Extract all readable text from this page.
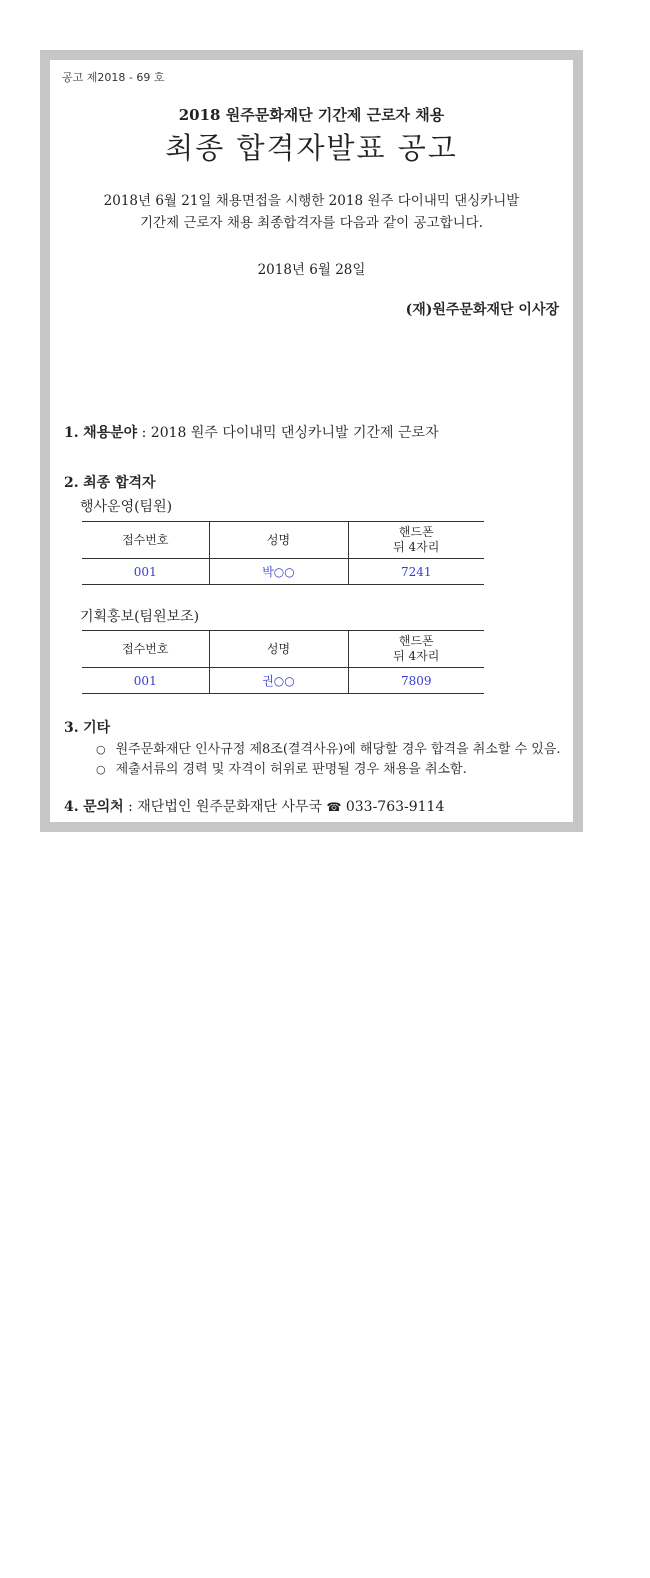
공고 제2018 - 69 호
2018 원주문화재단 기간제 근로자 채용
최종 합격자발표 공고
2018년 6월 21일 채용면접을 시행한 2018 원주 다이내믹 댄싱카니발
기간제 근로자 채용 최종합격자를 다음과 같이 공고합니다.
2018년 6월 28일
(재)원주문화재단 이사장
1. 채용분야 : 2018 원주 다이내믹 댄싱카니발 기간제 근로자
2. 최종 합격자
행사운영(팀원)
접수번호	성명	핸드폰
뒤 4자리

001	박○○	7241
기획홍보(팀원보조)
접수번호	성명	핸드폰
뒤 4자리

001	권○○	7809
3. 기타
○ 원주문화재단 인사규정 제8조(결격사유)에 해당할 경우 합격을 취소할 수 있음.
○ 제출서류의 경력 및 자격이 허위로 판명될 경우 채용을 취소함.
4. 문의처 : 재단법인 원주문화재단 사무국 ☎ 033-763-9114
